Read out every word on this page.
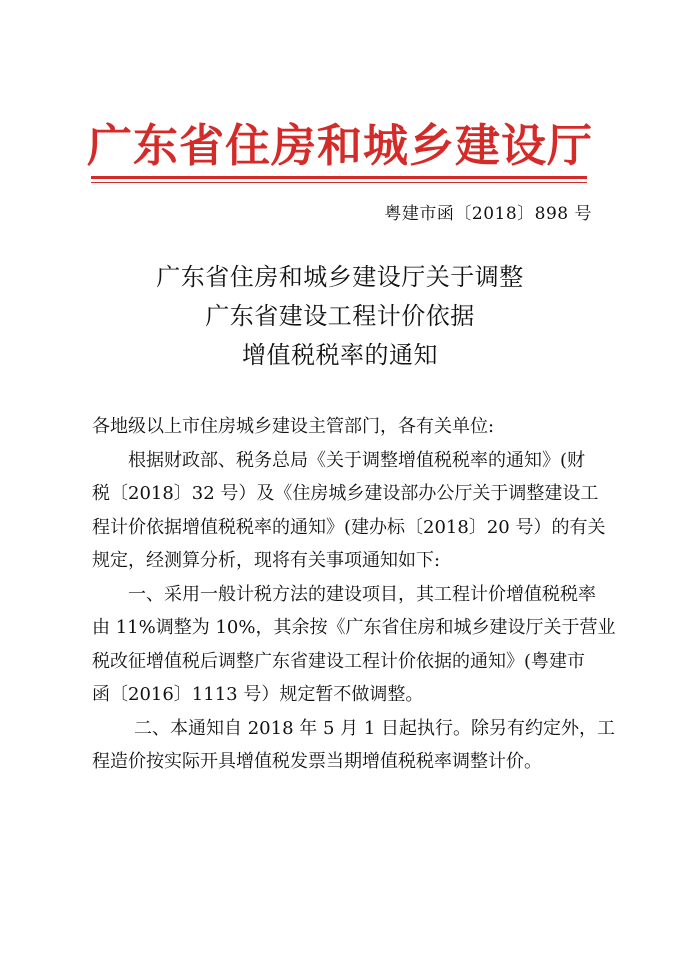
广东省住房和城乡建设厅
粤建市函〔2018〕898 号
广东省住房和城乡建设厅关于调整
广东省建设工程计价依据
增值税税率的通知
各地级以上市住房城乡建设主管部门，各有关单位:
根据财政部、税务总局《关于调整增值税税率的通知》(财
税〔2018〕32 号）及《住房城乡建设部办公厅关于调整建设工
程计价依据增值税税率的通知》(建办标〔2018〕20 号）的有关
规定，经测算分析，现将有关事项通知如下:
一、采用一般计税方法的建设项目，其工程计价增值税税率
由 11%调整为 10%，其余按《广东省住房和城乡建设厅关于营业
税改征增值税后调整广东省建设工程计价依据的通知》(粤建市
函〔2016〕1113 号）规定暂不做调整。
二、本通知自 2018 年 5 月 1 日起执行。除另有约定外，工
程造价按实际开具增值税发票当期增值税税率调整计价。
